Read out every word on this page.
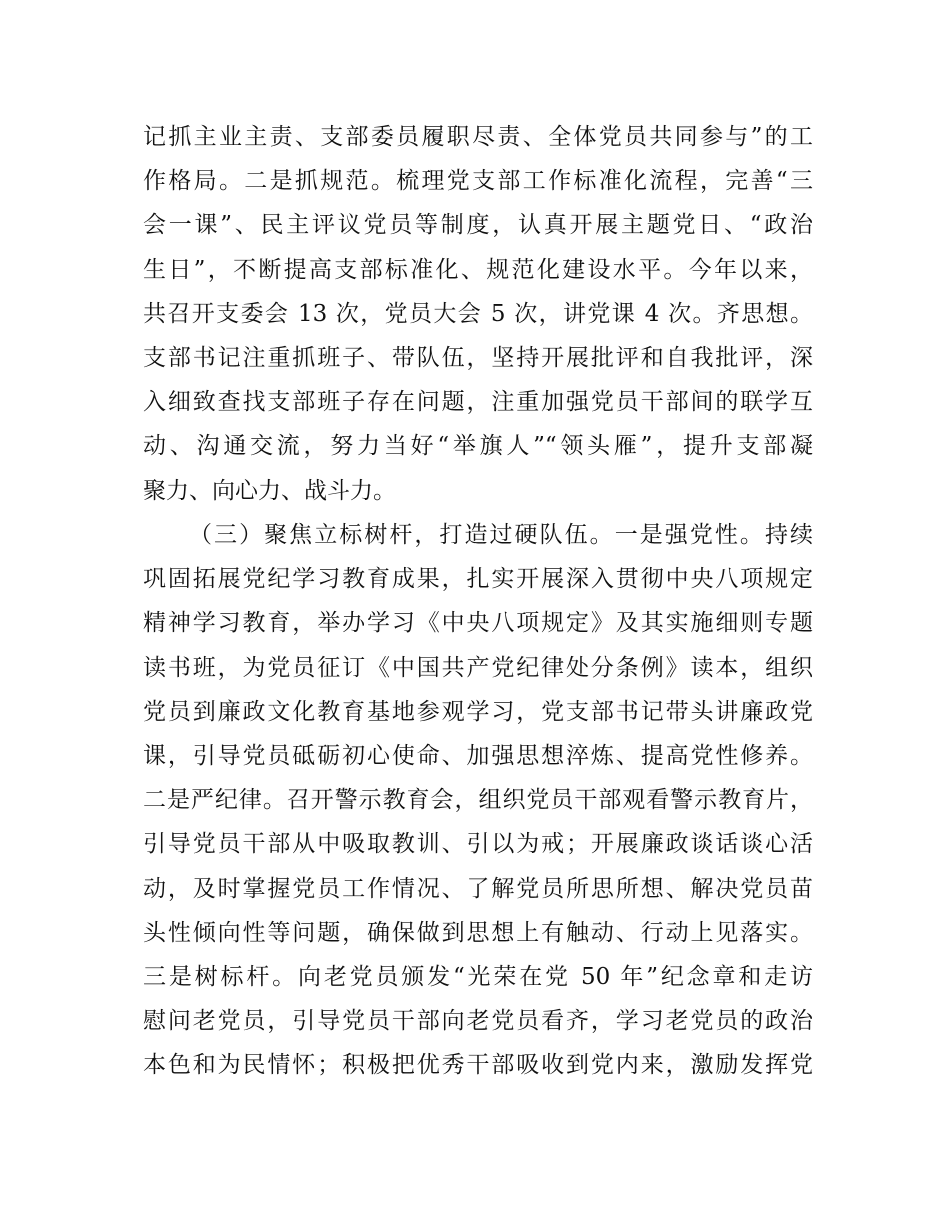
记抓主业主责、支部委员履职尽责、全体党员共同参与”的工
作格局。二是抓规范。梳理党支部工作标准化流程，完善“三
会一课”、民主评议党员等制度，认真开展主题党日、“政治
生日”，不断提高支部标准化、规范化建设水平。今年以来，
共召开支委会 13 次，党员大会 5 次，讲党课 4 次。齐思想。
支部书记注重抓班子、带队伍，坚持开展批评和自我批评，深
入细致查找支部班子存在问题，注重加强党员干部间的联学互
动、沟通交流，努力当好“举旗人”“领头雁”，提升支部凝
聚力、向心力、战斗力。
（三）聚焦立标树杆，打造过硬队伍。一是强党性。持续
巩固拓展党纪学习教育成果，扎实开展深入贯彻中央八项规定
精神学习教育，举办学习《中央八项规定》及其实施细则专题
读书班，为党员征订《中国共产党纪律处分条例》读本，组织
党员到廉政文化教育基地参观学习，党支部书记带头讲廉政党
课，引导党员砥砺初心使命、加强思想淬炼、提高党性修养。
二是严纪律。召开警示教育会，组织党员干部观看警示教育片，
引导党员干部从中吸取教训、引以为戒；开展廉政谈话谈心活
动，及时掌握党员工作情况、了解党员所思所想、解决党员苗
头性倾向性等问题，确保做到思想上有触动、行动上见落实。
三是树标杆。向老党员颁发“光荣在党 50 年”纪念章和走访
慰问老党员，引导党员干部向老党员看齐，学习老党员的政治
本色和为民情怀；积极把优秀干部吸收到党内来，激励发挥党
